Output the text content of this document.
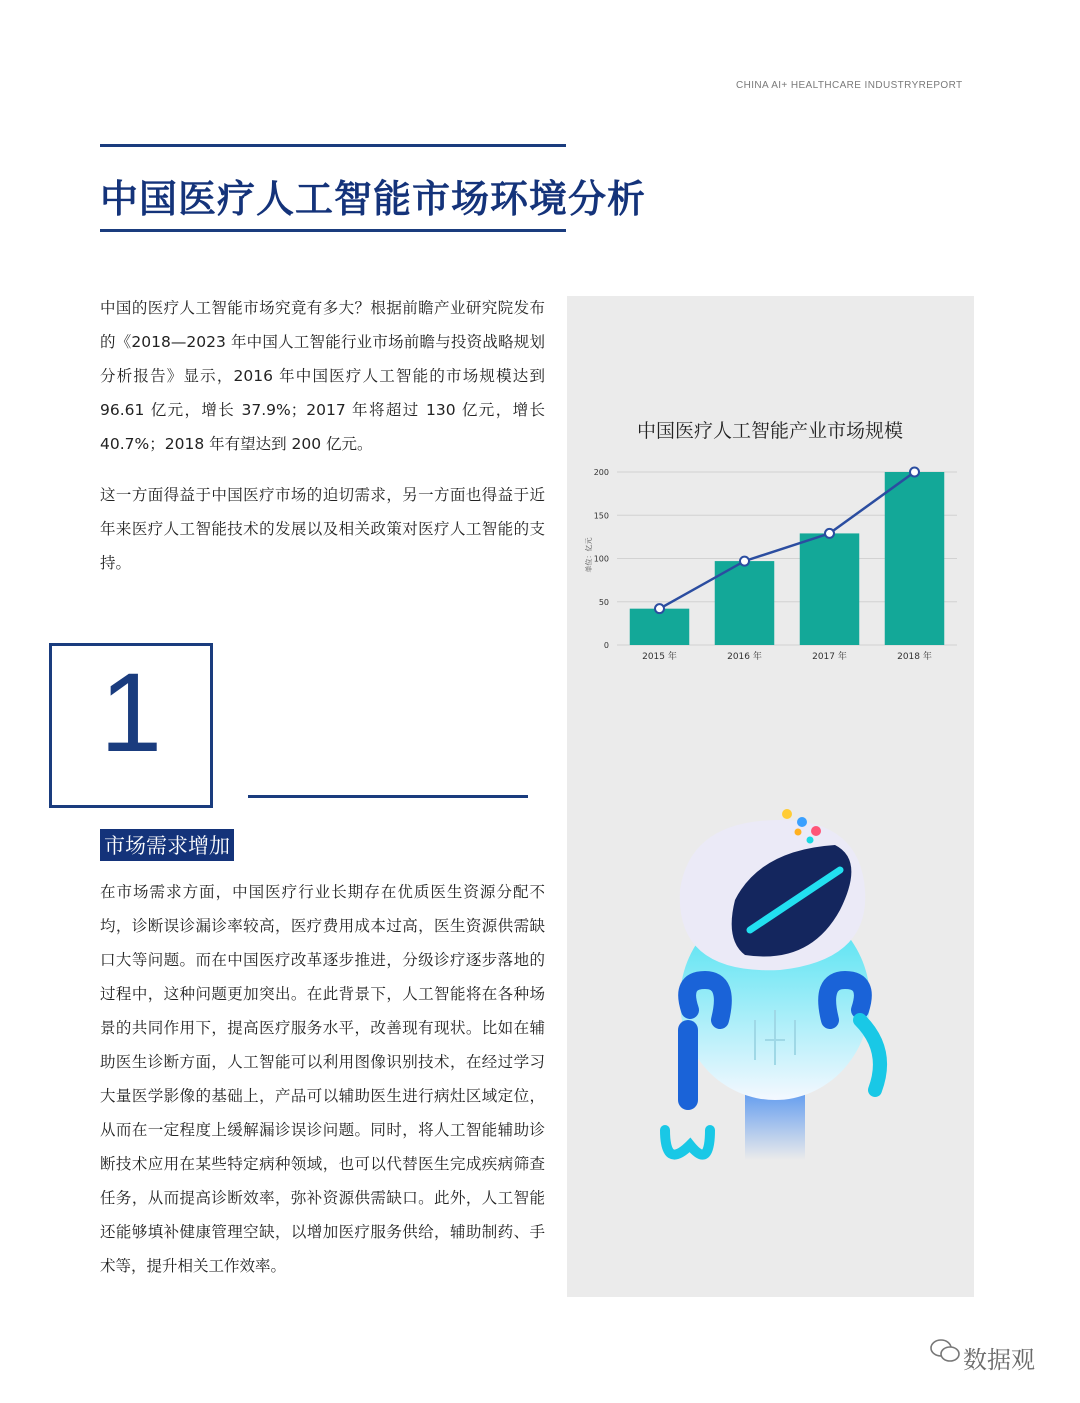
CHINA AI+ HEALTHCARE INDUSTRYREPORT
中国医疗人工智能市场环境分析
中国的医疗人工智能市场究竟有多大？根据前瞻产业研究院发布的《2018—2023 年中国人工智能行业市场前瞻与投资战略规划分析报告》显示，2016 年中国医疗人工智能的市场规模达到 96.61 亿元，增长 37.9%；2017 年将超过 130 亿元，增长 40.7%；2018 年有望达到 200 亿元。
这一方面得益于中国医疗市场的迫切需求，另一方面也得益于近年来医疗人工智能技术的发展以及相关政策对医疗人工智能的支持。
中国医疗人工智能产业市场规模
0
50
100
150
200
2015 年	2016 年	2017 年	2018 年
单位：亿元
1
市场需求增加
在市场需求方面，中国医疗行业长期存在优质医生资源分配不均，诊断误诊漏诊率较高，医疗费用成本过高，医生资源供需缺口大等问题。而在中国医疗改革逐步推进，分级诊疗逐步落地的过程中，这种问题更加突出。在此背景下，人工智能将在各种场景的共同作用下，提高医疗服务水平，改善现有现状。比如在辅助医生诊断方面，人工智能可以利用图像识别技术，在经过学习大量医学影像的基础上，产品可以辅助医生进行病灶区域定位，从而在一定程度上缓解漏诊误诊问题。同时，将人工智能辅助诊断技术应用在某些特定病种领域，也可以代替医生完成疾病筛查任务，从而提高诊断效率，弥补资源供需缺口。此外，人工智能还能够填补健康管理空缺，以增加医疗服务供给，辅助制药、手术等，提升相关工作效率。
数据观
